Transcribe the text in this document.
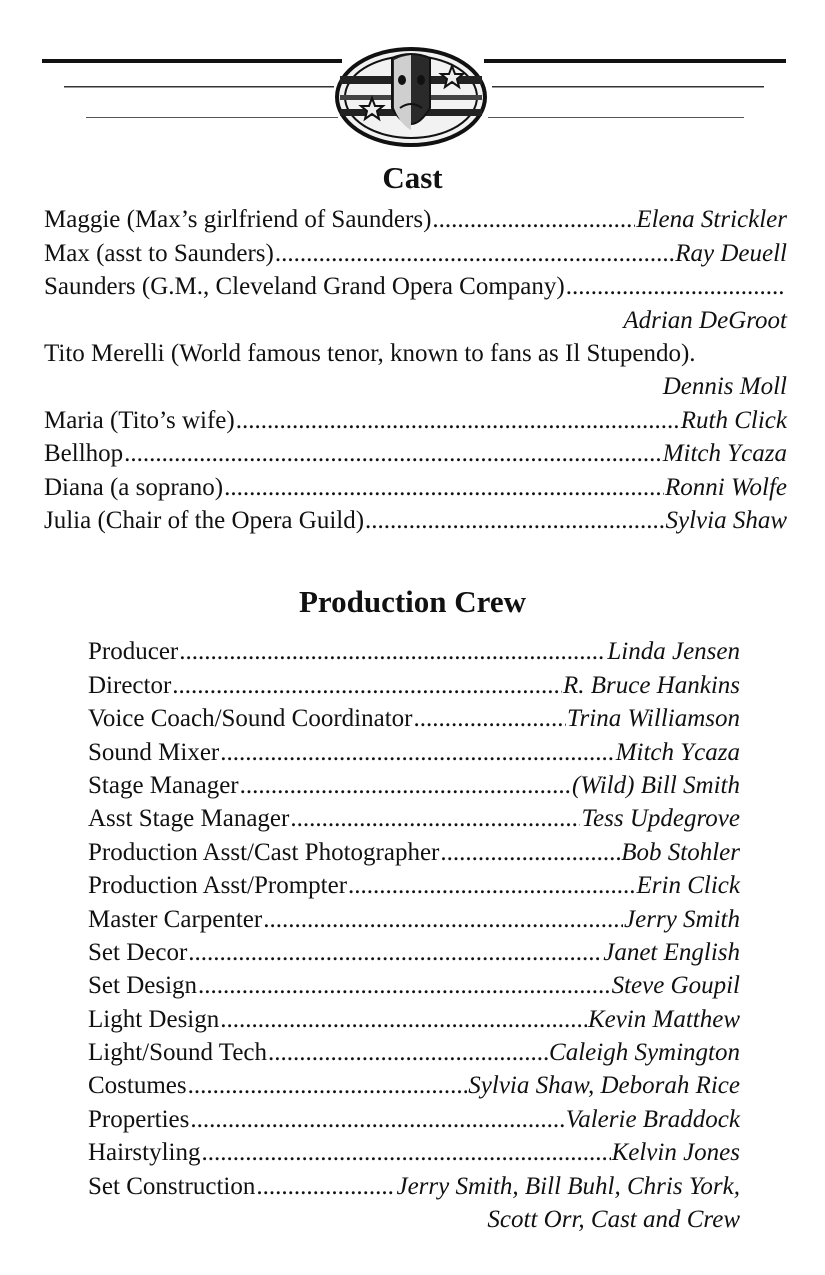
Cast
Maggie (Max’s girlfriend of Saunders) .....	Elena Strickler
Max (asst to Saunders) .....	Ray Deuell
Saunders (G.M., Cleveland Grand Opera Company)
.....
Adrian DeGroot
Tito Merelli (World famous tenor, known to fans as Il Stupendo).
Dennis Moll
Maria (Tito’s wife) .....	Ruth Click
Bellhop .....	Mitch Ycaza
Diana (a soprano) .....	Ronni Wolfe
Julia (Chair of the Opera Guild) .....	Sylvia Shaw
Production Crew
Producer .....	Linda Jensen
Director .....	R. Bruce Hankins
Voice Coach/Sound Coordinator .....	Trina Williamson
Sound Mixer .....	Mitch Ycaza
Stage Manager .....	(Wild) Bill Smith
Asst Stage Manager .....	Tess Updegrove
Production Asst/Cast Photographer .....	Bob Stohler
Production Asst/Prompter .....	Erin Click
Master Carpenter .....	Jerry Smith
Set Decor .....	Janet English
Set Design .....	Steve Goupil
Light Design .....	Kevin Matthew
Light/Sound Tech .....	Caleigh Symington
Costumes .....	Sylvia Shaw, Deborah Rice
Properties .....	Valerie Braddock
Hairstyling .....	Kelvin Jones
Set Construction .....	Jerry Smith, Bill Buhl, Chris York,
Scott Orr, Cast and Crew
